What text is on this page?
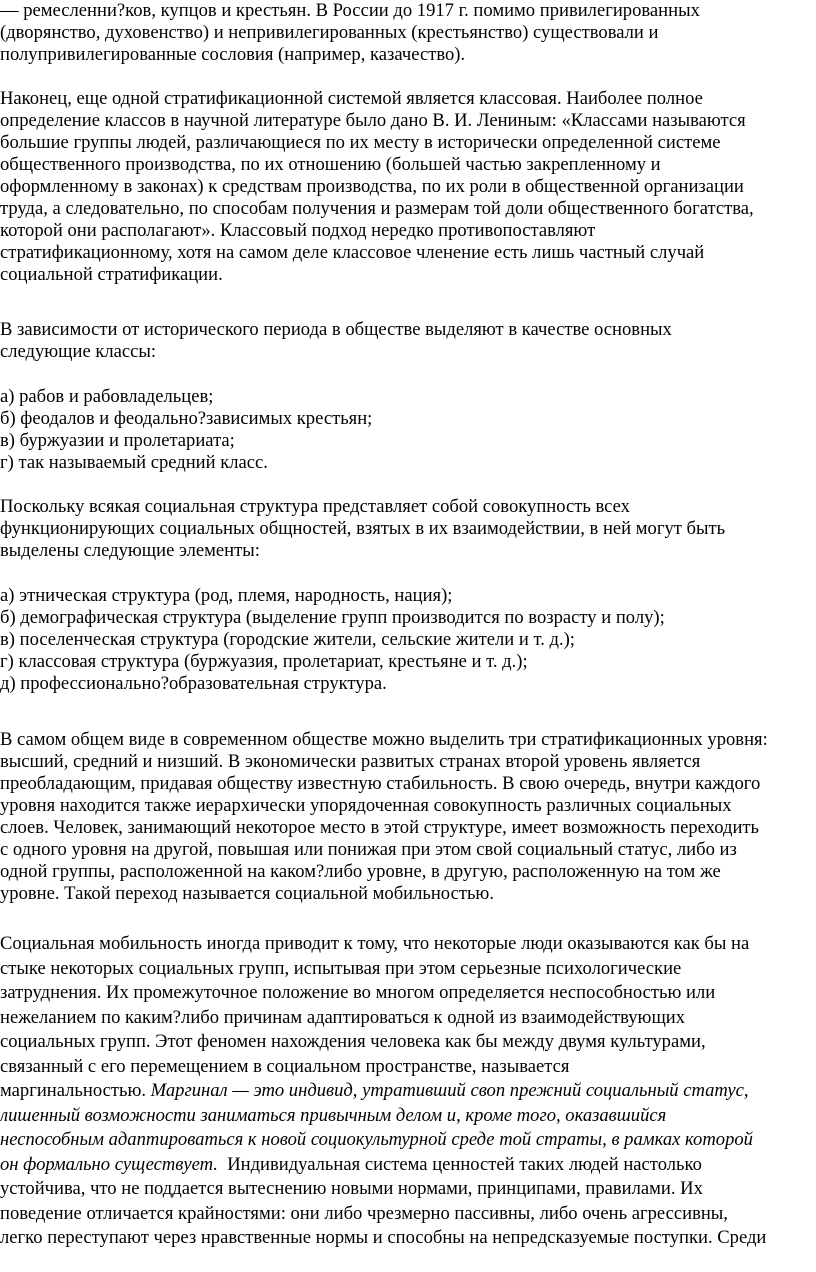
— ремесленни?ков, купцов и крестьян. В России до 1917 г. помимо привилегированных
(дворянство, духовенство) и непривилегированных (крестьянство) существовали и
полупривилегированные сословия (например, казачество).
Наконец, еще одной стратификационной системой является классовая. Наиболее полное
определение классов в научной литературе было дано В. И. Лениным: «Классами называются
большие группы людей, различающиеся по их месту в исторически определенной системе
общественного производства, по их отношению (большей частью закрепленному и
оформленному в законах) к средствам производства, по их роли в общественной организации
труда, а следовательно, по способам получения и размерам той доли общественного богатства,
которой они располагают». Классовый подход нередко противопоставляют
стратификационному, хотя на самом деле классовое членение есть лишь частный случай
социальной стратификации.
В зависимости от исторического периода в обществе выделяют в качестве основных
следующие классы:
а) рабов и рабовладельцев;
б) феодалов и феодально?зависимых крестьян;
в) буржуазии и пролетариата;
г) так называемый средний класс.
Поскольку всякая социальная структура представляет собой совокупность всех
функционирующих социальных общностей, взятых в их взаимодействии, в ней могут быть
выделены следующие элементы:
а) этническая структура (род, племя, народность, нация);
б) демографическая структура (выделение групп производится по возрасту и полу);
в) поселенческая структура (городские жители, сельские жители и т. д.);
г) классовая структура (буржуазия, пролетариат, крестьяне и т. д.);
д) профессионально?образовательная структура.
В самом общем виде в современном обществе можно выделить три стратификационных уровня:
высший, средний и низший. В экономически развитых странах второй уровень является
преобладающим, придавая обществу известную стабильность. В свою очередь, внутри каждого
уровня находится также иерархически упорядоченная совокупность различных социальных
слоев. Человек, занимающий некоторое место в этой структуре, имеет возможность переходить
с одного уровня на другой, повышая или понижая при этом свой социальный статус, либо из
одной группы, расположенной на каком?либо уровне, в другую, расположенную на том же
уровне. Такой переход называется социальной мобильностью.
Социальная мобильность иногда приводит к тому, что некоторые люди оказываются как бы на
стыке некоторых социальных групп, испытывая при этом серьезные психологические
затруднения. Их промежуточное положение во многом определяется неспособностью или
нежеланием по каким?либо причинам адаптироваться к одной из взаимодействующих
социальных групп. Этот феномен нахождения человека как бы между двумя культурами,
связанный с его перемещением в социальном пространстве, называется
маргинальностью. Маргинал — это индивид, утративший своп прежний социальный статус,
лишенный возможности заниматься привычным делом и, кроме того, оказавшийся
неспособным адаптироваться к новой социокультурной среде той страты, в рамках которой
он формально существует.  Индивидуальная система ценностей таких людей настолько
устойчива, что не поддается вытеснению новыми нормами, принципами, правилами. Их
поведение отличается крайностями: они либо чрезмерно пассивны, либо очень агрессивны,
легко переступают через нравственные нормы и способны на непредсказуемые поступки. Среди
